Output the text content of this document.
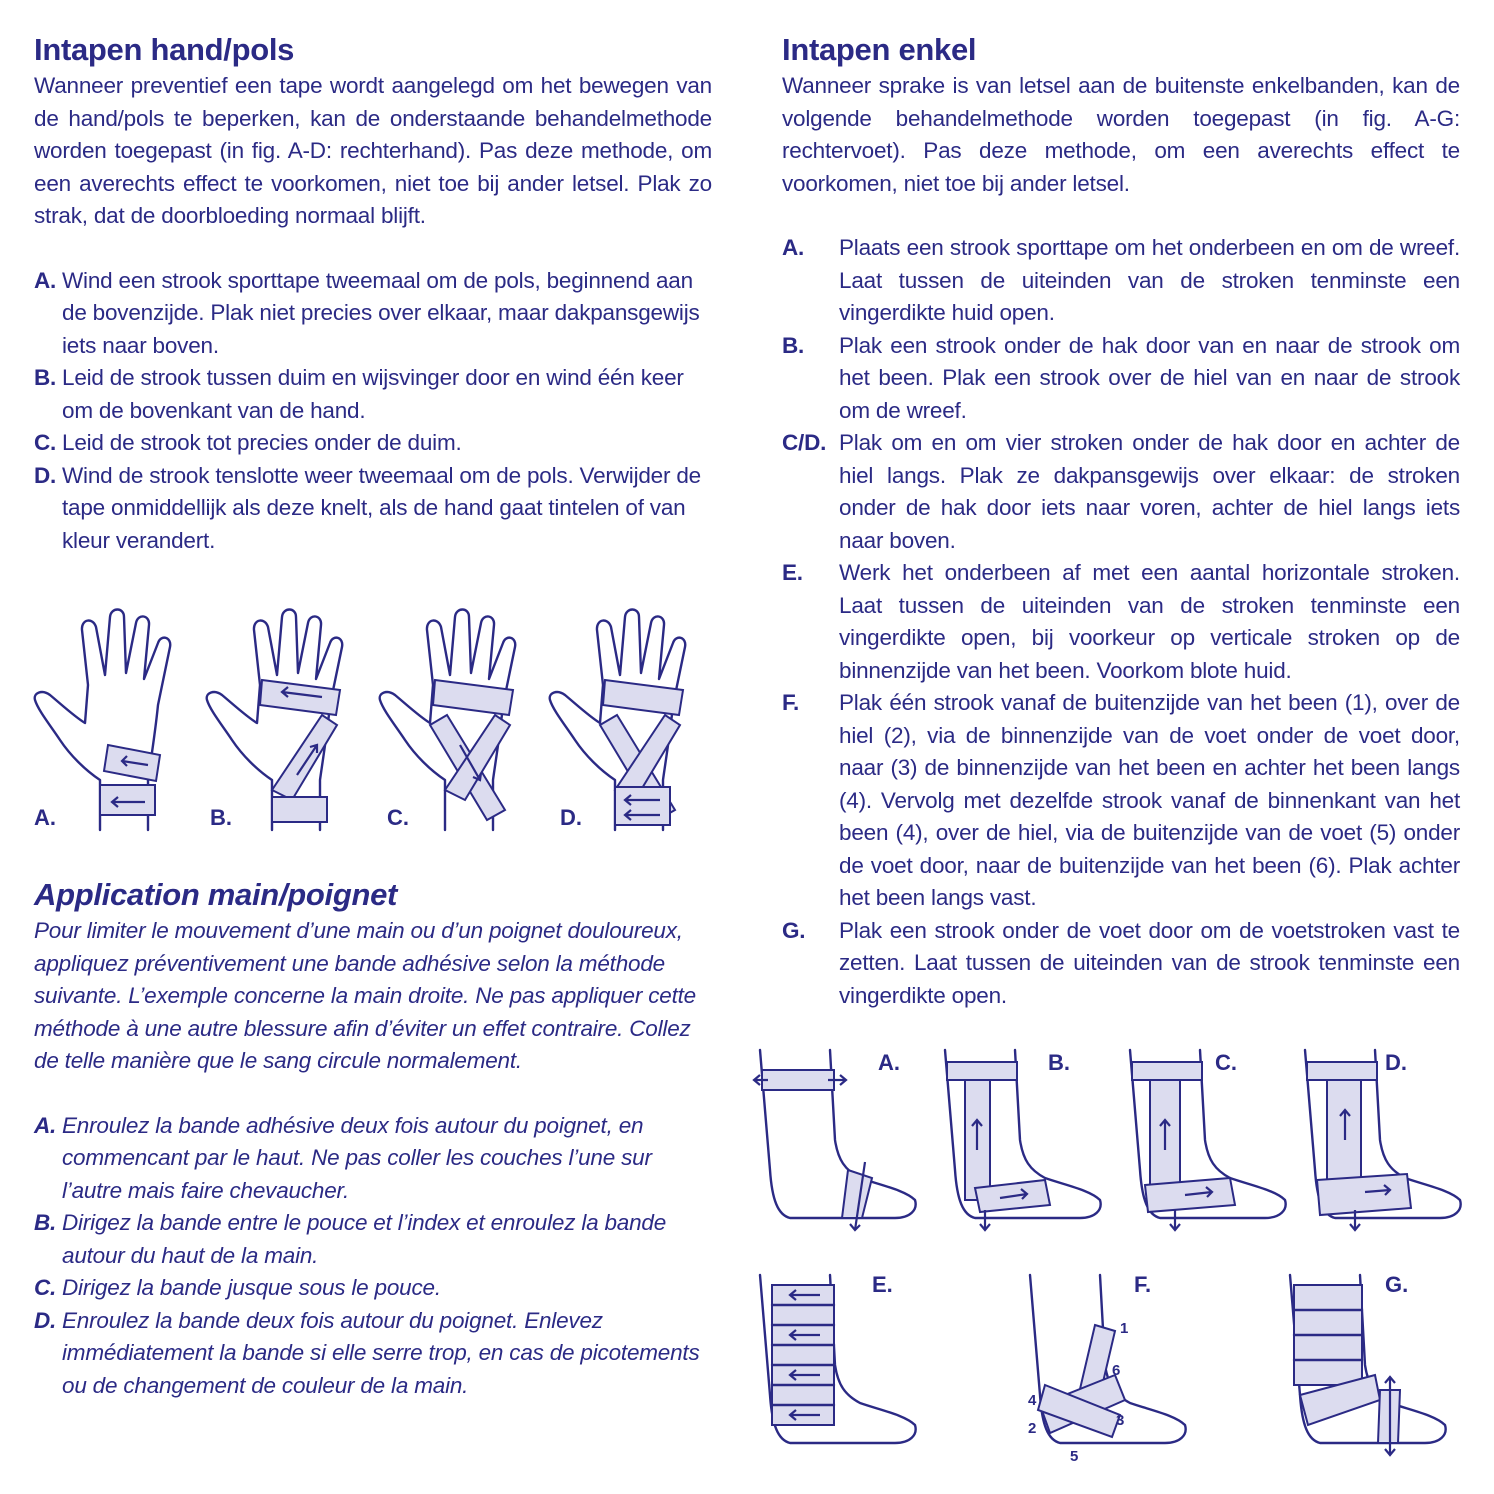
Intapen hand/pols

Wanneer preventief een tape wordt aangelegd om het bewegen van de hand/pols te beperken, kan de onderstaande behandelmethode worden toegepast (in fig. A-D: rechterhand). Pas deze methode, om een averechts effect te voorkomen, niet toe bij ander letsel. Plak zo strak, dat de doorbloeding normaal blijft.

A. Wind een strook sporttape tweemaal om de pols, beginnend aan de bovenzijde. Plak niet precies over elkaar, maar dakpansgewijs iets naar boven.
B. Leid de strook tussen duim en wijsvinger door en wind één keer om de bovenkant van de hand.
C. Leid de strook tot precies onder de duim.
D. Wind de strook tenslotte weer tweemaal om de pols. Verwijder de tape onmiddellijk als deze knelt, als de hand gaat tintelen of van kleur verandert.
A.	B.	C.	D.
Application main/poignet

Pour limiter le mouvement d’une main ou d’un poignet douloureux, appliquez préventivement une bande adhésive selon la méthode suivante. L’exemple concerne la main droite. Ne pas appliquer cette méthode à une autre blessure afin d’éviter un effet contraire. Collez de telle manière que le sang circule normalement.

A. Enroulez la bande adhésive deux fois autour du poignet, en commencant par le haut. Ne pas coller les couches l’une sur l’autre mais faire chevaucher.
B. Dirigez la bande entre le pouce et l’index et enroulez la bande autour du haut de la main.
C. Dirigez la bande jusque sous le pouce.
D. Enroulez la bande deux fois autour du poignet. Enlevez immédiatement la bande si elle serre trop, en cas de picotements ou de changement de couleur de la main.
Intapen enkel

Wanneer sprake is van letsel aan de buitenste enkelbanden, kan de volgende behandelmethode worden toegepast (in fig. A-G: rechtervoet). Pas deze methode, om een averechts effect te voorkomen, niet toe bij ander letsel.

A.	Plaats een strook sporttape om het onderbeen en om de wreef. Laat tussen de uiteinden van de stroken tenminste een vingerdikte huid open.
B.	Plak een strook onder de hak door van en naar de strook om het been. Plak een strook over de hiel van en naar de strook om de wreef.
C/D. Plak om en om vier stroken onder de hak door en achter de hiel langs. Plak ze dakpansgewijs over elkaar: de stroken onder de hak door iets naar voren, achter de hiel langs iets naar boven.
E.	Werk het onderbeen af met een aantal horizontale stroken. Laat tussen de uiteinden van de stroken tenminste een vingerdikte open, bij voorkeur op verticale stroken op de binnenzijde van het been. Voorkom blote huid.
F.	Plak één strook vanaf de buitenzijde van het been (1), over de hiel (2), via de binnenzijde van de voet onder de voet door, naar (3) de binnenzijde van het been en achter het been langs (4). Vervolg met dezelfde strook vanaf de binnenkant van het been (4), over de hiel, via de buitenzijde van de voet (5) onder de voet door, naar de buitenzijde van het been (6). Plak achter het been langs vast.
G.	Plak een strook onder de voet door om de voetstroken vast te zetten. Laat tussen de uiteinden van de strook tenminste een vingerdikte open.
1
2	3
4
5
6
A.	B.	C.	D.
E.	F.	G.
